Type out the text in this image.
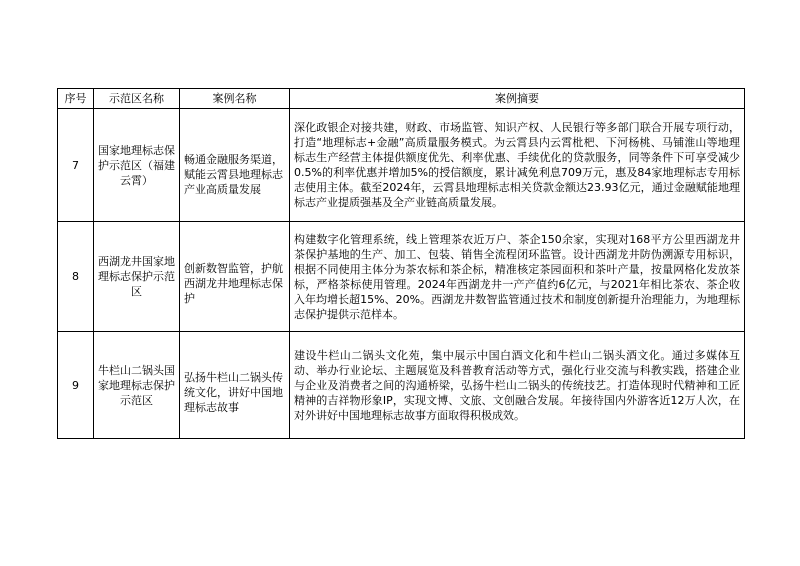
序号	示范区名称	案例名称	案例摘要
7	国家地理标志保护示范区（福建云霄）	畅通金融服务渠道，赋能云霄县地理标志产业高质量发展	深化政银企对接共建，财政、市场监管、知识产权、人民银行等多部门联合开展专项行动，打造“地理标志+金融”高质量服务模式。为云霄县内云霄枇杷、下河杨桃、马铺淮山等地理标志生产经营主体提供额度优先、利率优惠、手续优化的贷款服务，同等条件下可享受减少0.5%的利率优惠并增加5%的授信额度，累计减免利息709万元，惠及84家地理标志专用标志使用主体。截至2024年，云霄县地理标志相关贷款金额达23.93亿元，通过金融赋能地理标志产业提质强基及全产业链高质量发展。
8	西湖龙井国家地理标志保护示范区	创新数智监管，护航西湖龙井地理标志保护	构建数字化管理系统，线上管理茶农近万户、茶企150余家，实现对168平方公里西湖龙井茶保护基地的生产、加工、包装、销售全流程闭环监管。设计西湖龙井防伪溯源专用标识，根据不同使用主体分为茶农标和茶企标，精准核定茶园面积和茶叶产量，按量网格化发放茶标，严格茶标使用管理。2024年西湖龙井一产产值约6亿元，与2021年相比茶农、茶企收入年均增长超15%、20%。西湖龙井数智监管通过技术和制度创新提升治理能力，为地理标志保护提供示范样本。
9	牛栏山二锅头国家地理标志保护示范区	弘扬牛栏山二锅头传统文化，讲好中国地理标志故事	建设牛栏山二锅头文化苑，集中展示中国白酒文化和牛栏山二锅头酒文化。通过多媒体互动、举办行业论坛、主题展览及科普教育活动等方式，强化行业交流与科教实践，搭建企业与企业及消费者之间的沟通桥梁，弘扬牛栏山二锅头的传统技艺。打造体现时代精神和工匠精神的吉祥物形象IP，实现文博、文旅、文创融合发展。年接待国内外游客近12万人次，在对外讲好中国地理标志故事方面取得积极成效。
